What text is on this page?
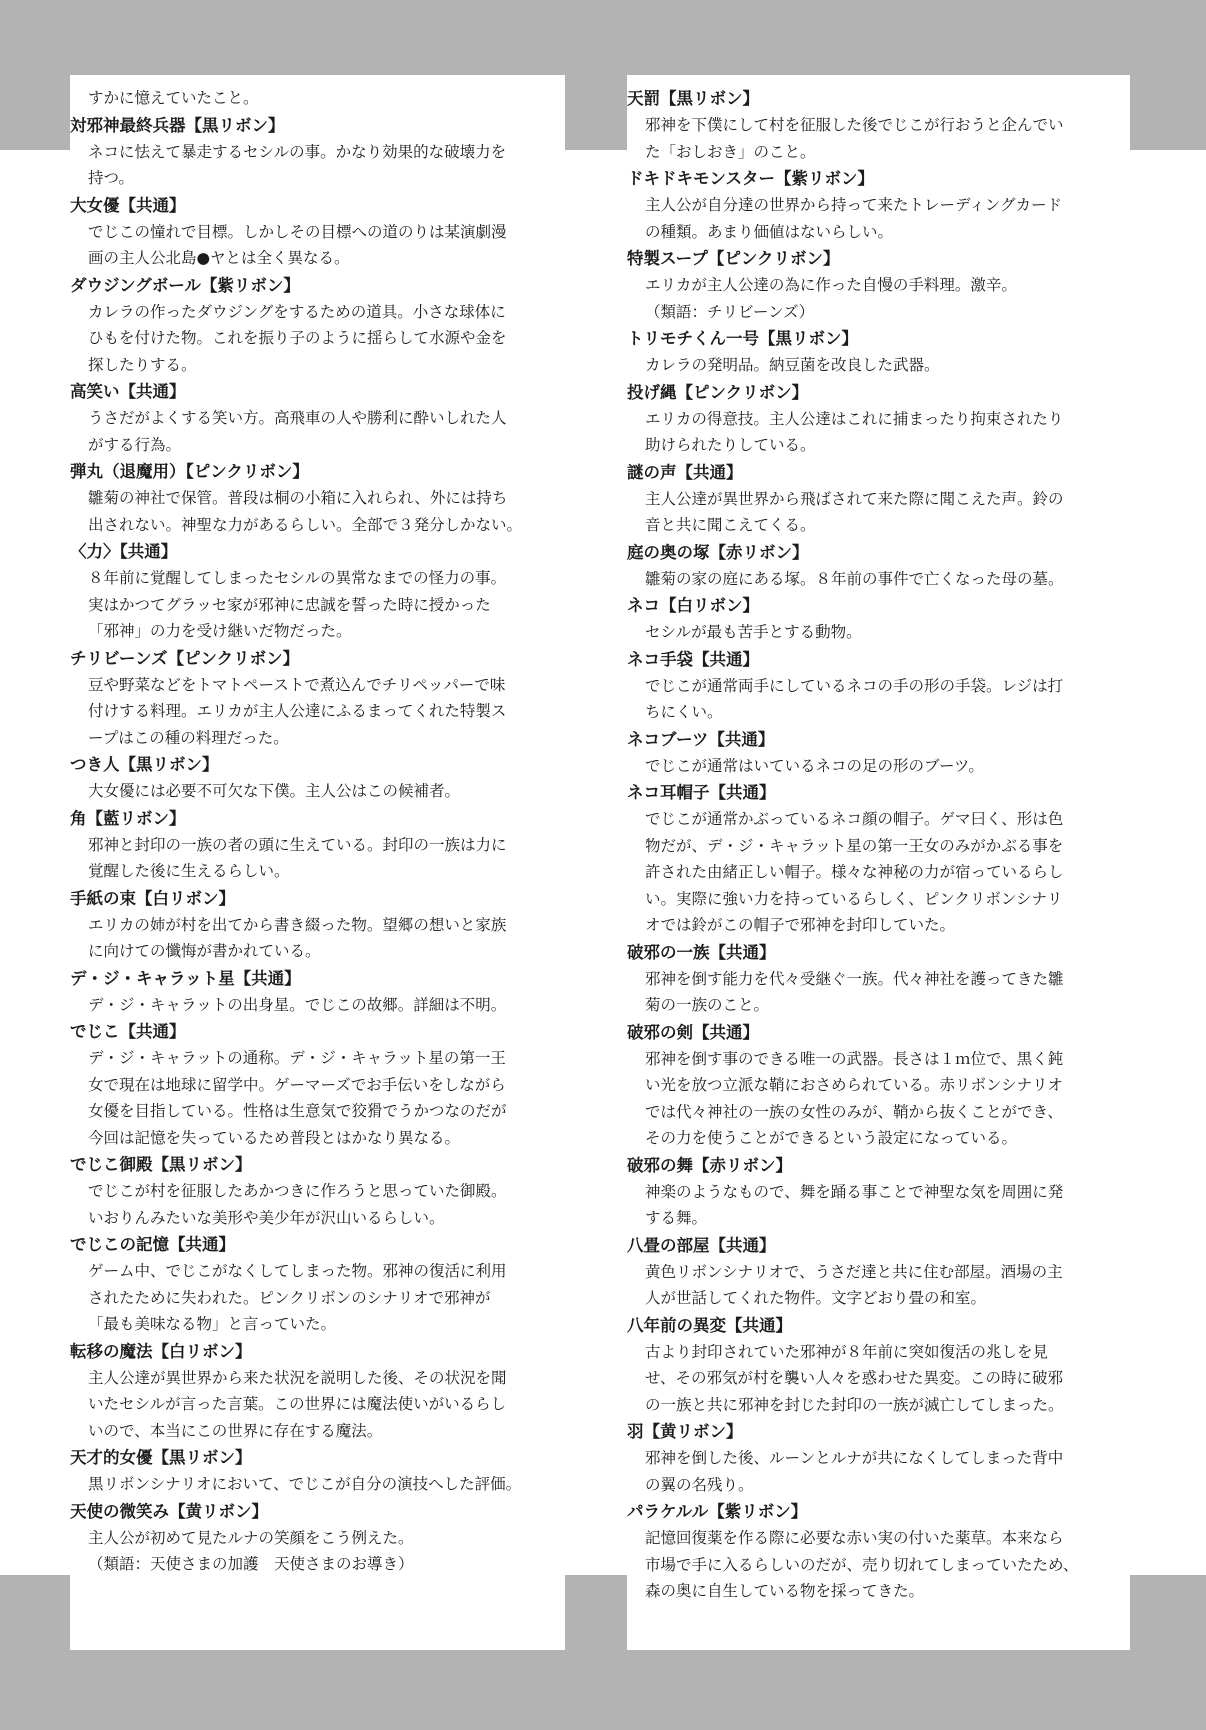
すかに憶えていたこと。

対邪神最終兵器【黒リボン】

ネコに怯えて暴走するセシルの事。かなり効果的な破壊力を

持つ。

大女優【共通】

でじこの憧れで目標。しかしその目標への道のりは某演劇漫

画の主人公北島●ヤとは全く異なる。

ダウジングボール【紫リボン】

カレラの作ったダウジングをするための道具。小さな球体に

ひもを付けた物。これを振り子のように揺らして水源や金を

探したりする。

高笑い【共通】

うさだがよくする笑い方。高飛車の人や勝利に酔いしれた人

がする行為。

弾丸（退魔用）【ピンクリボン】

雛菊の神社で保管。普段は桐の小箱に入れられ、外には持ち

出されない。神聖な力があるらしい。全部で３発分しかない。

〈力〉【共通】

８年前に覚醒してしまったセシルの異常なまでの怪力の事。

実はかつてグラッセ家が邪神に忠誠を誓った時に授かった

「邪神」の力を受け継いだ物だった。

チリビーンズ【ピンクリボン】

豆や野菜などをトマトペーストで煮込んでチリペッパーで味

付けする料理。エリカが主人公達にふるまってくれた特製ス

ープはこの種の料理だった。

つき人【黒リボン】

大女優には必要不可欠な下僕。主人公はこの候補者。

角【藍リボン】

邪神と封印の一族の者の頭に生えている。封印の一族は力に

覚醒した後に生えるらしい。

手紙の束【白リボン】

エリカの姉が村を出てから書き綴った物。望郷の想いと家族

に向けての懺悔が書かれている。

デ・ジ・キャラット星【共通】

デ・ジ・キャラットの出身星。でじこの故郷。詳細は不明。

でじこ【共通】

デ・ジ・キャラットの通称。デ・ジ・キャラット星の第一王

女で現在は地球に留学中。ゲーマーズでお手伝いをしながら

女優を目指している。性格は生意気で狡猾でうかつなのだが

今回は記憶を失っているため普段とはかなり異なる。

でじこ御殿【黒リボン】

でじこが村を征服したあかつきに作ろうと思っていた御殿。

いおりんみたいな美形や美少年が沢山いるらしい。

でじこの記憶【共通】

ゲーム中、でじこがなくしてしまった物。邪神の復活に利用

されたために失われた。ピンクリボンのシナリオで邪神が

「最も美味なる物」と言っていた。

転移の魔法【白リボン】

主人公達が異世界から来た状況を説明した後、その状況を聞

いたセシルが言った言葉。この世界には魔法使いがいるらし

いので、本当にこの世界に存在する魔法。

天才的女優【黒リボン】

黒リボンシナリオにおいて、でじこが自分の演技へした評価。

天使の微笑み【黄リボン】

主人公が初めて見たルナの笑顔をこう例えた。

（類語：天使さまの加護　天使さまのお導き）

天罰【黒リボン】

邪神を下僕にして村を征服した後でじこが行おうと企んでい

た「おしおき」のこと。

ドキドキモンスター【紫リボン】

主人公が自分達の世界から持って来たトレーディングカード

の種類。あまり価値はないらしい。

特製スープ【ピンクリボン】

エリカが主人公達の為に作った自慢の手料理。激辛。

（類語：チリビーンズ）

トリモチくん一号【黒リボン】

カレラの発明品。納豆菌を改良した武器。

投げ縄【ピンクリボン】

エリカの得意技。主人公達はこれに捕まったり拘束されたり

助けられたりしている。

謎の声【共通】

主人公達が異世界から飛ばされて来た際に聞こえた声。鈴の

音と共に聞こえてくる。

庭の奥の塚【赤リボン】

雛菊の家の庭にある塚。８年前の事件で亡くなった母の墓。

ネコ【白リボン】

セシルが最も苦手とする動物。

ネコ手袋【共通】

でじこが通常両手にしているネコの手の形の手袋。レジは打

ちにくい。

ネコブーツ【共通】

でじこが通常はいているネコの足の形のブーツ。

ネコ耳帽子【共通】

でじこが通常かぶっているネコ顔の帽子。ゲマ曰く、形は色

物だが、デ・ジ・キャラット星の第一王女のみがかぶる事を

許された由緒正しい帽子。様々な神秘の力が宿っているらし

い。実際に強い力を持っているらしく、ピンクリボンシナリ

オでは鈴がこの帽子で邪神を封印していた。

破邪の一族【共通】

邪神を倒す能力を代々受継ぐ一族。代々神社を護ってきた雛

菊の一族のこと。

破邪の剣【共通】

邪神を倒す事のできる唯一の武器。長さは１ｍ位で、黒く鈍

い光を放つ立派な鞘におさめられている。赤リボンシナリオ

では代々神社の一族の女性のみが、鞘から抜くことができ、

その力を使うことができるという設定になっている。

破邪の舞【赤リボン】

神楽のようなもので、舞を踊る事ことで神聖な気を周囲に発

する舞。

八畳の部屋【共通】

黄色リボンシナリオで、うさだ達と共に住む部屋。酒場の主

人が世話してくれた物件。文字どおり畳の和室。

八年前の異変【共通】

古より封印されていた邪神が８年前に突如復活の兆しを見

せ、その邪気が村を襲い人々を惑わせた異変。この時に破邪

の一族と共に邪神を封じた封印の一族が滅亡してしまった。

羽【黄リボン】

邪神を倒した後、ルーンとルナが共になくしてしまった背中

の翼の名残り。

パラケルル【紫リボン】

記憶回復薬を作る際に必要な赤い実の付いた薬草。本来なら

市場で手に入るらしいのだが、売り切れてしまっていたため、

森の奥に自生している物を採ってきた。
